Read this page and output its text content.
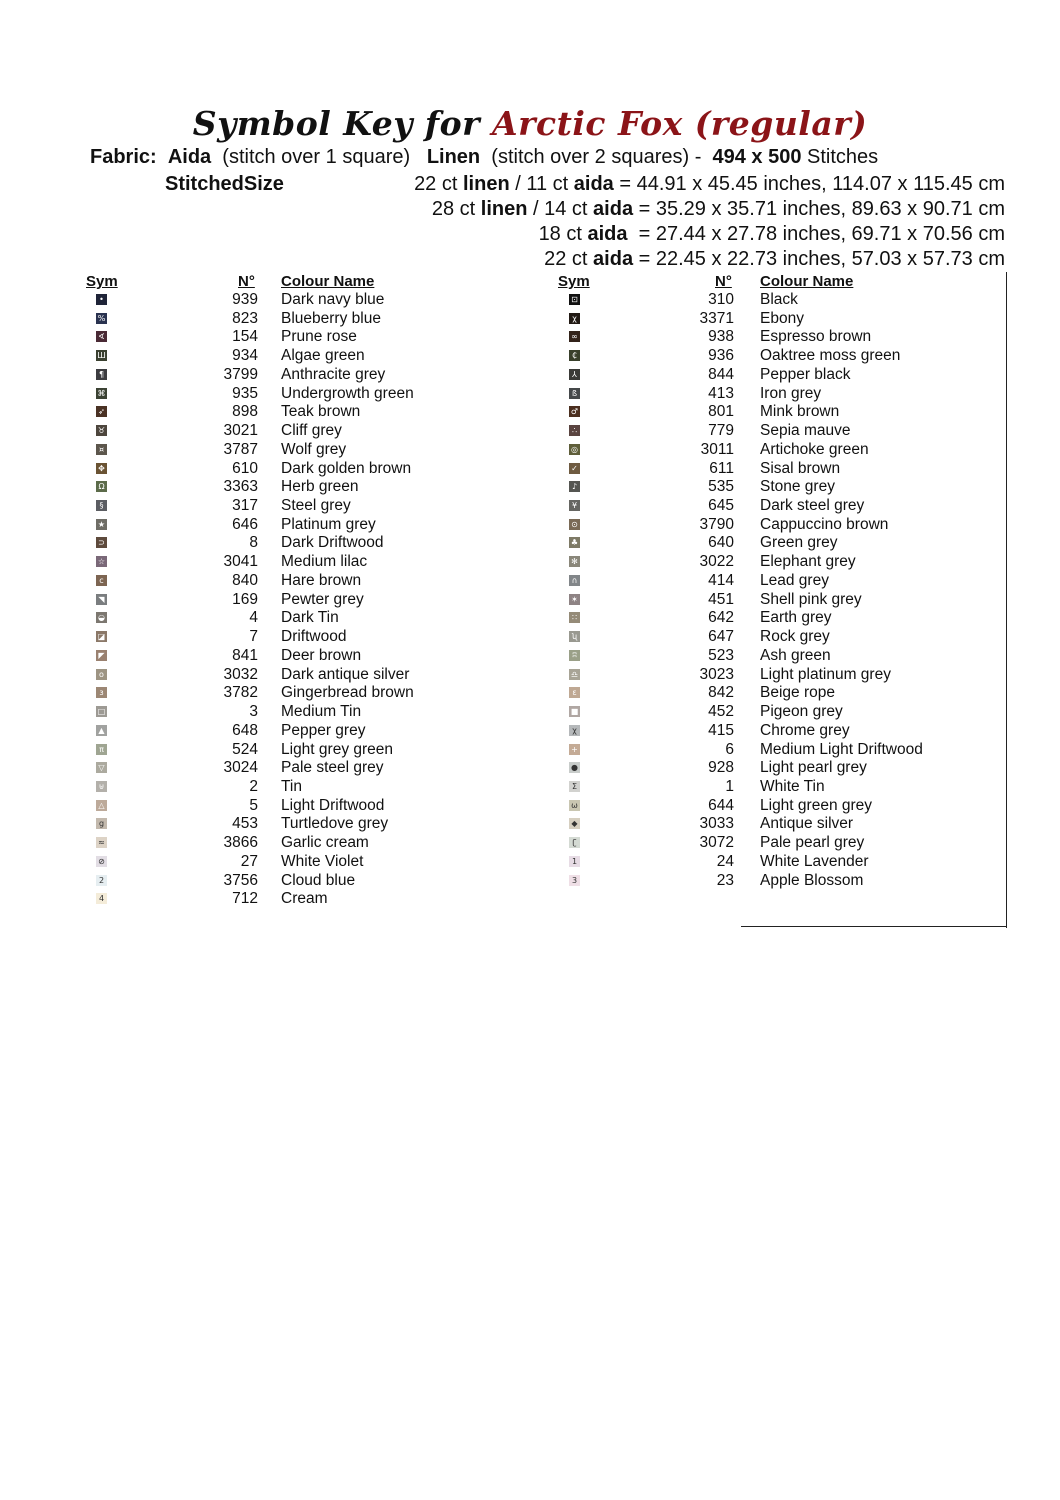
Symbol Key for Arctic Fox (regular)
Fabric: Aida (stitch over 1 square) Linen (stitch over 2 squares) - 494 x 500 Stitches
StitchedSize	22 ct linen / 11 ct aida = 44.91 x 45.45 inches, 114.07 x 115.45 cm
28 ct linen / 14 ct aida = 35.29 x 35.71 inches, 89.63 x 90.71 cm
18 ct aida  = 27.44 x 27.78 inches, 69.71 x 70.56 cm
22 ct aida = 22.45 x 22.73 inches, 57.03 x 57.73 cm
Sym	N° Colour Name	Sym	N° Colour Name
•	939 Dark navy blue
%	823 Blueberry blue
∢	154 Prune rose
Ш	934 Algae green
¶	3799 Anthracite grey
⌘	935 Undergrowth green
➶	898 Teak brown
♉	3021 Cliff grey
¤	3787 Wolf grey
✥	610 Dark golden brown
Ω	3363 Herb green
§	317 Steel grey
★	646 Platinum grey
⊃	8 Dark Driftwood
☆	3041 Medium lilac
c	840 Hare brown
◥	169 Pewter grey
◒	4 Dark Tin
◪	7 Driftwood
◤	841 Deer brown
o	3032 Dark antique silver
ɜ	3782 Gingerbread brown
□	3 Medium Tin
▲	648 Pepper grey
π	524 Light grey green
▽	3024 Pale steel grey
⊎	2 Tin
△	5 Light Driftwood
g	453 Turtledove grey
≈	3866 Garlic cream
⊘	27 White Violet
2	3756 Cloud blue
4	712 Cream
⊡	310 Black
χ	3371 Ebony
∞	938 Espresso brown
₵	936 Oaktree moss green
⅄	844 Pepper black
ß	413 Iron grey
♂	801 Mink brown
∴	779 Sepia mauve
◎	3011 Artichoke green
✓	611 Sisal brown
♪	535 Stone grey
¥	645 Dark steel grey
⊙	3790 Cappuccino brown
♣	640 Green grey
✻	3022 Elephant grey
∩	414 Lead grey
✶	451 Shell pink grey
∷	642 Earth grey
ʯ	647 Rock grey
ʭ	523 Ash green
♎	3023 Light platinum grey
ε	842 Beige rope
■	452 Pigeon grey
χ	415 Chrome grey
+	6 Medium Light Driftwood
●	928 Light pearl grey
Σ	1 White Tin
ω	644 Light green grey
◆	3033 Antique silver
ʗ	3072 Pale pearl grey
1	24 White Lavender
3	23 Apple Blossom
